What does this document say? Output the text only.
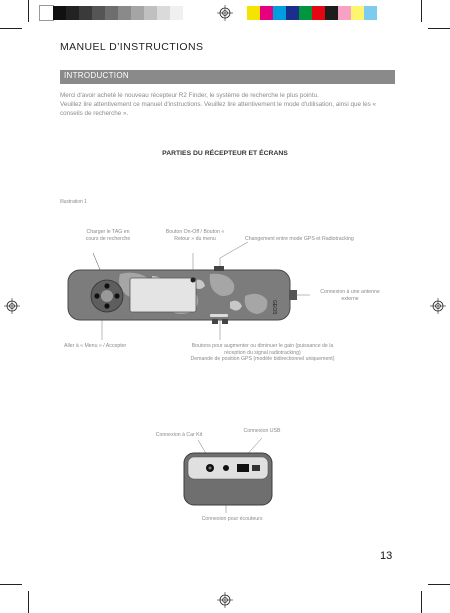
MANUEL D’INSTRUCTIONS
INTRODUCTION
Merci d'avoir acheté le nouveau récepteur R2 Finder, le système de recherche le plus pointu.
Veuillez lire attentivement ce manuel d'instructions. Veuillez lire attentivement le mode d'utilisation, ainsi que les «
conseils de recherche ».
PARTIES DU RÉCEPTEUR ET ÉCRANS
Illustration 1
Charger le TAG en
cours de recherche
Bouton On-Off / Bouton «
Retour » du menu	Changement entre mode GPS et Radiotracking
Connexion à une antenne
externe
Aller à « Menu » / Accepter	Boutons pour augmenter ou diminuer le gain (puissance de la
réception du signal radiotracking)
Demande de position GPS (modèle bidirectionnel uniquement)
GEOS
Connexion à Car Kit
Connexion USB
Connexion pour écouteurs
13
